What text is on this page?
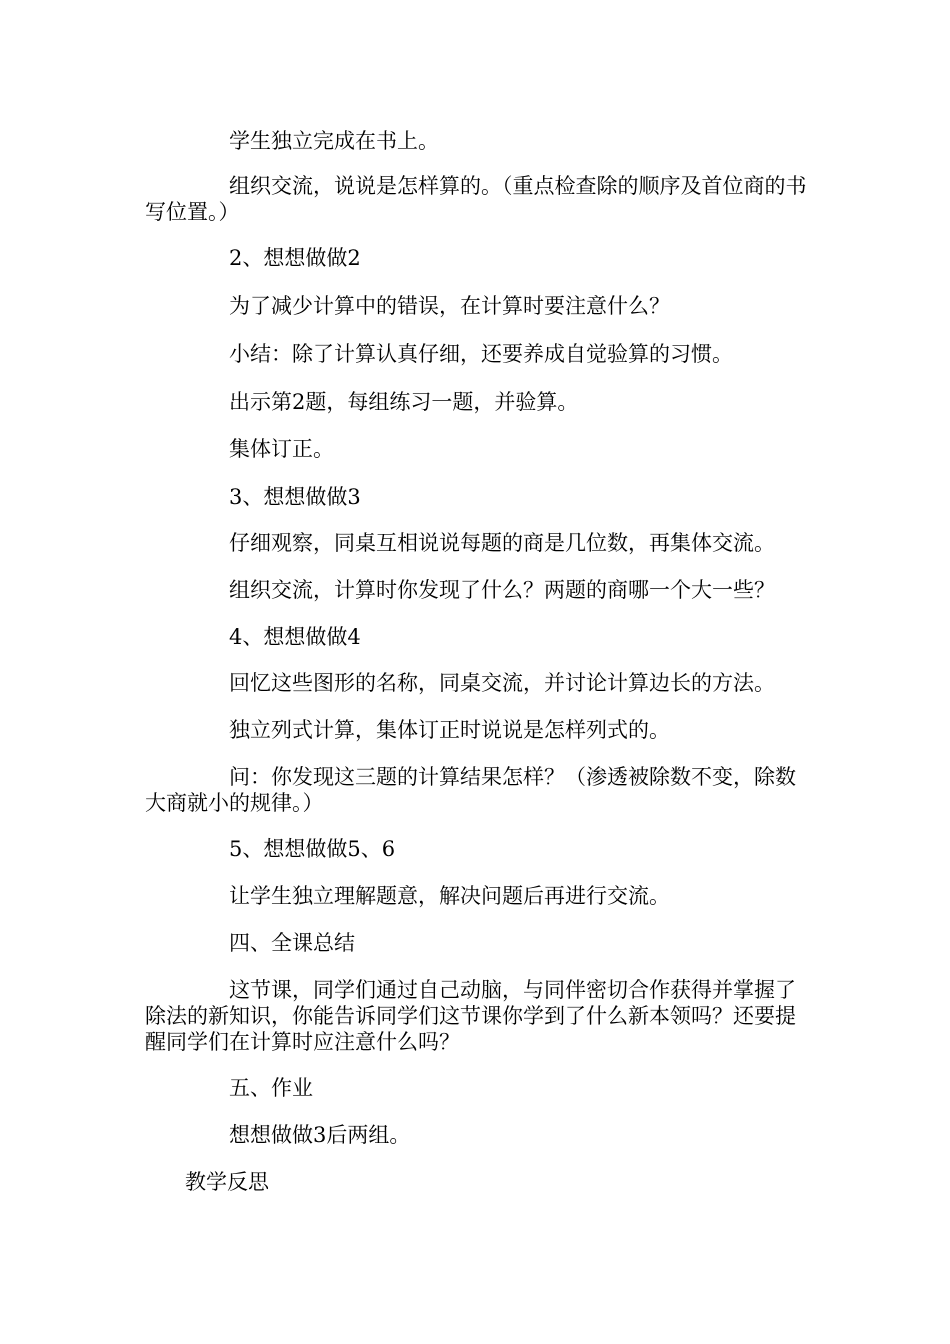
学生独立完成在书上。
组织交流，说说是怎样算的。（重点检查除的顺序及首位商的书写位置。）
2、想想做做2
为了减少计算中的错误，在计算时要注意什么？
小结：除了计算认真仔细，还要养成自觉验算的习惯。
出示第2题，每组练习一题，并验算。
集体订正。
3、想想做做3
仔细观察，同桌互相说说每题的商是几位数，再集体交流。
组织交流，计算时你发现了什么？两题的商哪一个大一些？
4、想想做做4
回忆这些图形的名称，同桌交流，并讨论计算边长的方法。
独立列式计算，集体订正时说说是怎样列式的。
问：你发现这三题的计算结果怎样？（渗透被除数不变，除数大商就小的规律。）
5、想想做做5、6
让学生独立理解题意，解决问题后再进行交流。
四、全课总结
这节课，同学们通过自己动脑，与同伴密切合作获得并掌握了除法的新知识，你能告诉同学们这节课你学到了什么新本领吗？还要提醒同学们在计算时应注意什么吗？
五、作业
想想做做3后两组。
教学反思
